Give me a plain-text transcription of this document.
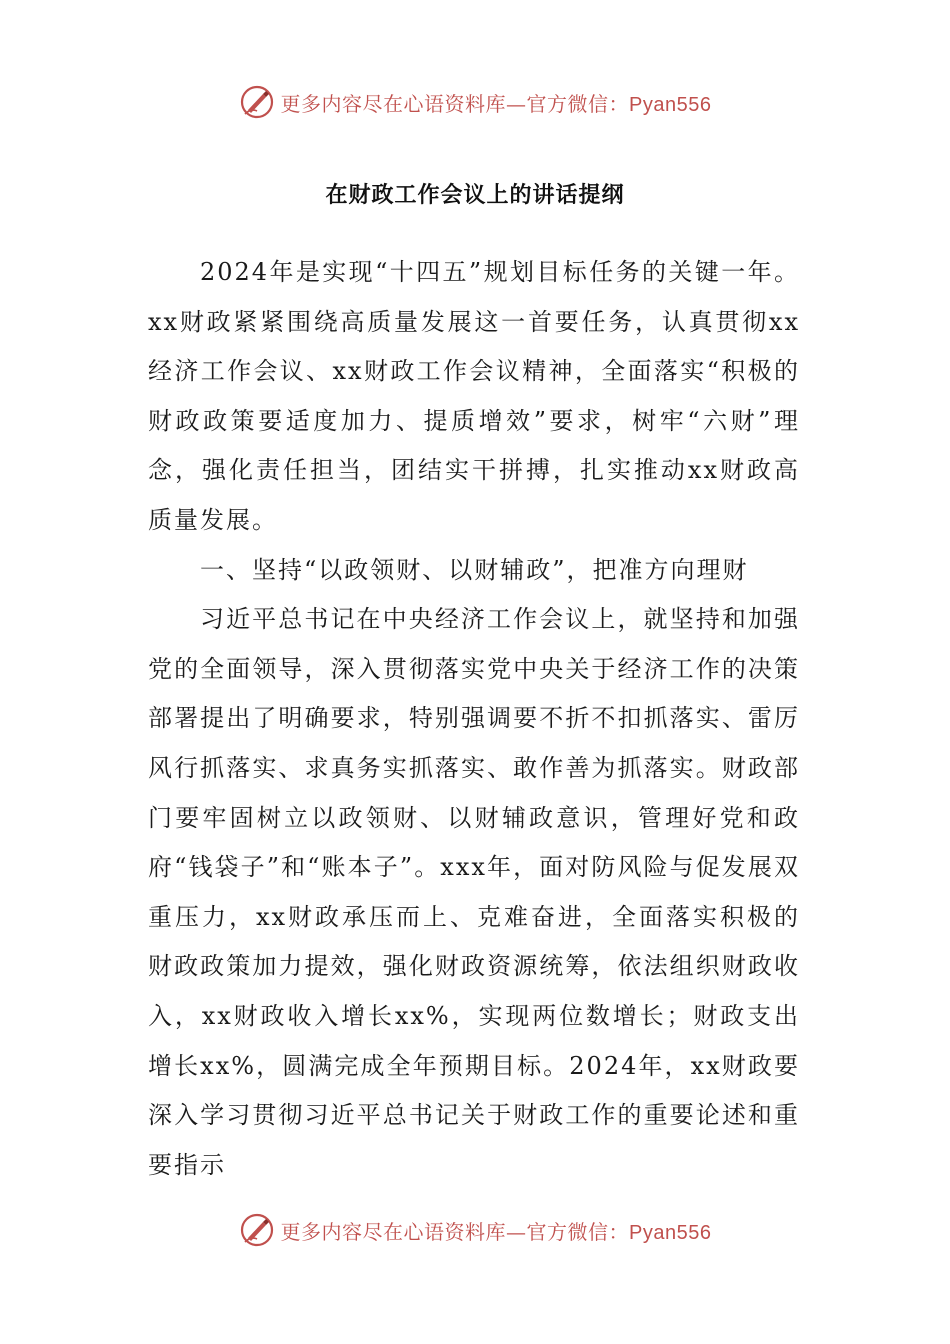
更多内容尽在心语资料库—官方微信：Pyan556
在财政工作会议上的讲话提纲

2024年是实现“十四五”规划目标任务的关键一年。xx财政紧紧围绕高质量发展这一首要任务，认真贯彻xx经济工作会议、xx财政工作会议精神，全面落实“积极的财政政策要适度加力、提质增效”要求，树牢“六财”理念，强化责任担当，团结实干拼搏，扎实推动xx财政高质量发展。

一、坚持“以政领财、以财辅政”，把准方向理财

习近平总书记在中央经济工作会议上，就坚持和加强党的全面领导，深入贯彻落实党中央关于经济工作的决策部署提出了明确要求，特别强调要不折不扣抓落实、雷厉风行抓落实、求真务实抓落实、敢作善为抓落实。财政部门要牢固树立以政领财、以财辅政意识，管理好党和政府“钱袋子”和“账本子”。xxx年，面对防风险与促发展双重压力，xx财政承压而上、克难奋进，全面落实积极的财政政策加力提效，强化财政资源统筹，依法组织财政收入，xx财政收入增长xx%，实现两位数增长；财政支出增长xx%，圆满完成全年预期目标。2024年，xx财政要深入学习贯彻习近平总书记关于财政工作的重要论述和重要指示

更多内容尽在心语资料库—官方微信：Pyan556
